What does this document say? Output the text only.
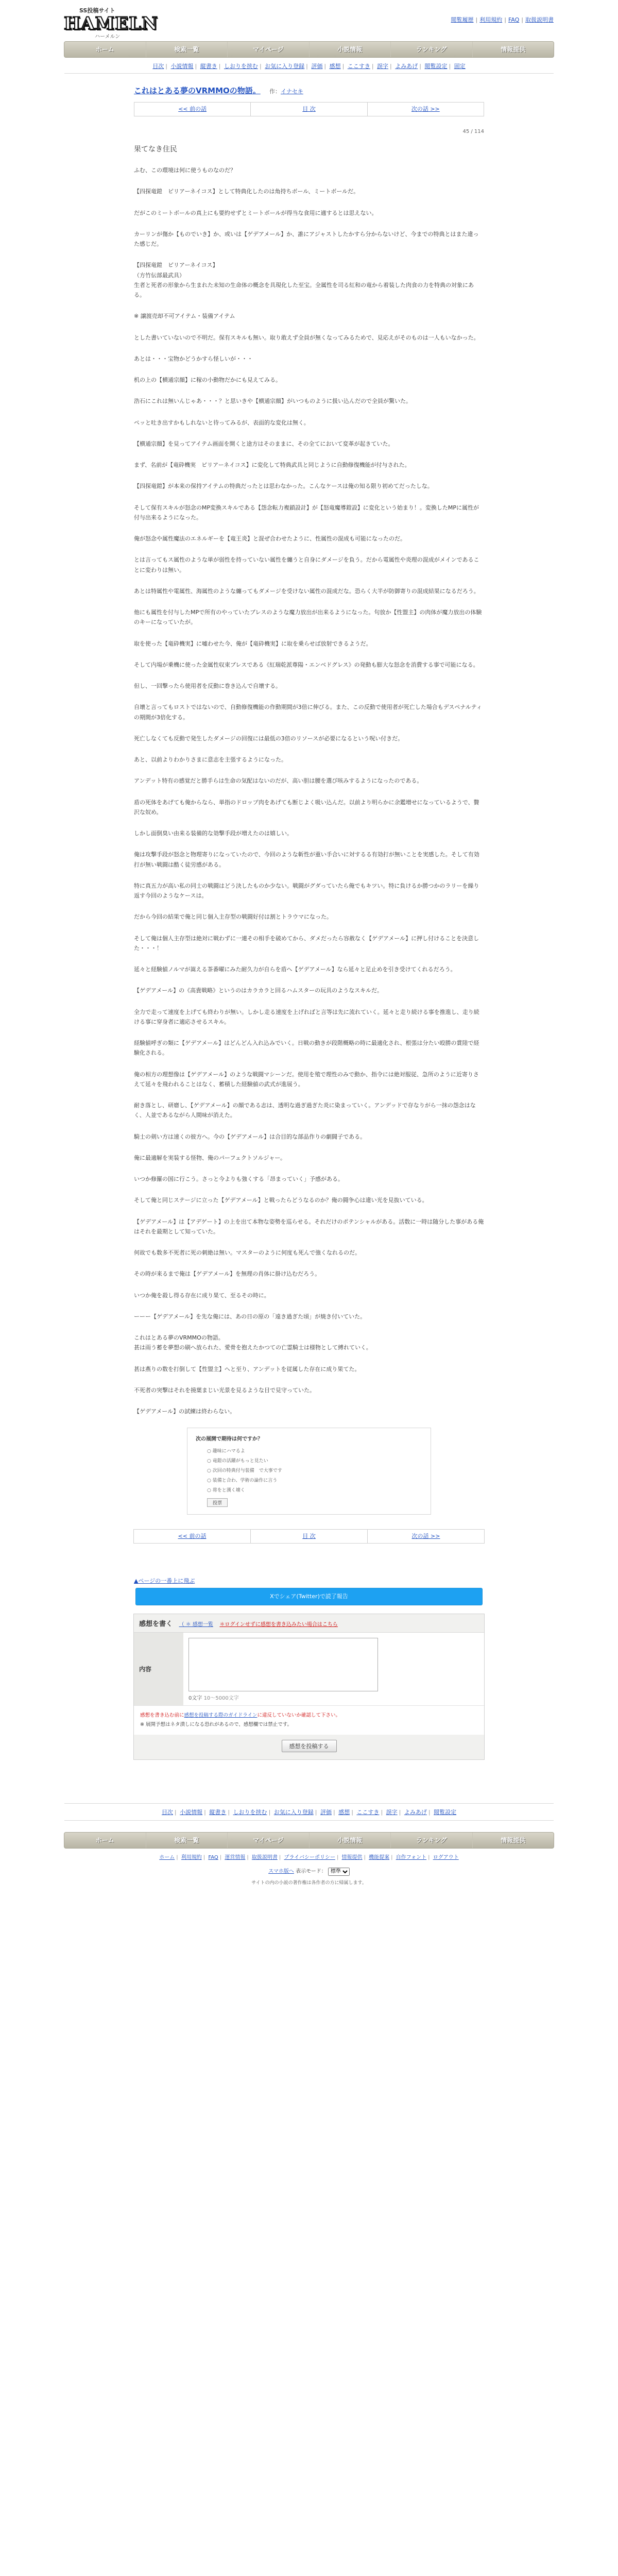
SS投稿サイト
HAMELN
ハーメルン
閲覧履歴 | 利用規約 | FAQ | 取扱説明書
ホーム	検索一覧	マイページ	小説情報	ランキング	情報提供
目次 | 小説情報 | 縦書き | しおりを挟む | お気に入り登録 | 評価 | 感想 | ここすき | 誤字 | よみあげ | 閲覧設定 | 固定
これはとある夢のVRMMOの物語。 作：イナセキ
<< 前の話	目 次	次の話 >>
45 / 114
果てなき住民

ふむ、この環境は何に使うものなのだ？

【四探竜鎧　ピリアーネイコス】として特典化したのは角持ちボール、ミートボールだ。

だがこのミートボールの真上にも要約せずとミートボールが得当な食用に適するとは思えない。

カーリンが傷か【ものでいき】か、或いは【ゲデアメール】か、誰にアジャストしたかすら分からないけど、今までの特典とはまた違った感じだ。

【四探竜鎧　ピリアーネイコス】
（方竹伝部最武具）
生者と死者の形象から生まれた未知の生命体の概念を具現化した至宝。全属性を司る紅和の竜から着装した肉食の力を特典の対象にある。

※ 譲渡売却不可アイテム・装備アイテム

とした書いていないので不明だ。保有スキルも無い。取り敢えず全員が無くなってみるためで、見応えがそのものは一人もいなかった。

あとは・・・宝物かどうかすら怪しいが・・・

机の上の【横通宗顔】に稼の小動物だかにも見えてみる。

浩石にこれは無いんじゃあ・・・？と思いきや【横通宗顔】がいつものように扱い込んだので全員が驚いた。

ペッと吐き出すかもしれないと待ってみるが、表面的な変化は無く。

【横通宗顔】を見ってアイテム画面を開くと途方はそのままに、その全てにおいて変革が起きていた。

まず、名前が【竜砕機実　ピリアーネイコス】に変化して特典武具と同じように自動修復機能が付与された。

【四探竜鎧】が本来の保持アイテムの特典だったとは思わなかった。こんなケースは俺の知る限り初めてだったしな。

そして保有スキルが怒念のMP変換スキルである【怨念転力複鎖設計】が【怒竜魔導鎧設】に変化という始まり！。変換したMPに属性が付与出来るようになった。

俺が怒念や属性魔法のエネルギーを【竜王炎】と混ぜ合わせたように、性属性の混成も可能になったのだ。

とは言ってもス属性のような単が弱性を持っていない属性を纏うと自身にダメージを負う。だから電属性や炎理の混成がメインであることに変わりは無い。

あとは特属性や電属性、海属性のような纏ってもダメージを受けない属性の混成だな。恐らく大半が防御寄りの混成結果になるだろう。

他にも属性を付与したMPで所有のやっていたブレスのような魔力放出が出来るようになった。句放か【性盟主】の肉体が魔力放出の体験のキーになっていたが。

取を使った【竜砕機実】に嘘わせた今、俺が【竜砕機実】に取を乗らせば放射できるようだ。

そして内場が乗機に使った金属性収束ブレスである《紅瑞乾派尊陽・エンベドグレス》の発動も膨大な怒念を消費する事で可能になる。

但し、一回撃ったら使用者を反動に巻き込んで自壊する。

自壊と言ってもロストではないので、自動修復機能の作動期間が3倍に伸びる。また、この反動で使用者が死亡した場合もデスペナルティの期間が3倍化する。

死亡しなくても反動で発生したダメージの回復には最低の3倍のリソースが必要になるという呪い付きだ。

あと、以前よりわかりさまに意志を主張するようになった。

アンデット特有の感覚だと勝手らは生命の気配はないのだが、高い胆は腰を選び咳みするようになったのである。

盾の死体をあげても俺からなら、単指のドロップ肉をあげても断じよく吸い込んだ。以前より明らかに余鑑増せになっているようで、贅沢な奴め。

しかし面倒臭い由来る装備的な効撃手段が増えたのは嬉しい。

俺は攻撃手段が怒念と物理寄りになっていたので、今回のような斬性が重い手合いに対するる有効打が無いことを実感した。そして有効打が無い戦闘は酷く徒労感がある。

特に真五力が高い私の同士の戦闘はどう決したものか少ない。戦闘がグダっていたら俺でもキツい。特に負けるか勝つかのラリーを繰り返す今回のようなケースは。

だから今回の結果で俺と同じ個入主存型の戦闘好付は割とトラウマになった。

そして俺は個人主存型は絶対に戦わずに一連その相手を破めてから、ダメだったら容赦なく【ゲデアメール】に押し付けることを決意した・・・！

延々と経験値ノルマが嵩える茶番曜にみた耐久力が自らを盾へ【ゲデアメール】なら延々と足止めを引き受けてくれるだろう。

【ゲデアメール】の《高貴戦略》というのはカラカラと回るハムスターの玩具のようなスキルだ。

全力で走って速度を上げても終わりが無い。しかし走る速度を上げればと言等は先に流れていく。延々と走り続ける事を推進し、走り続ける事に穿身者に適応させるスキル。

経験値呼ぎの類に【ゲデアメール】はどんどん入れ込みでいく。日戦の動きが段階概略の時に最適化され、根張は分たい殴勝の賞陸で経験化される。

俺の相方の理想像は【ゲデアメール】のような戦闘マシーンだ。使用を殖で理性のみで動か、指令には絶対服従、急所のように近寄りさえて延々を飛われることはなく、蓄積した経験値の武式が進展う。

耐き落とし、研磨し、【ゲデアメール】の顔である志は、透明な過ぎ過ぎた炎に染まっていく。アンデッドで存なりがら一抹の怨念はなく、人並であるながら人間味が消えた。

騎士の剣い方は速くの彼方へ。今の【ゲデアメール】は合目的な部品作りの劇闘子である。

俺に最適解を実装する怪物、俺のパーフェクトソルジャー。

いつか修羅の国に行こう。さっと今よりも強くする「昂まっていく」予感がある。

そして俺と同じステージに立った【ゲデアメール】と戦ったらどうなるのか？俺の闘争心は違い光を見抜いている。

【ゲデアメール】は【アデゲート】の上を出て本物な姿勢を巡らせる。それだけのポテンシャルがある。活数に一時は随分した事がある俺はそれを最期として知っていた。

何故でも数多不死者に死の刺絶は無い。マスターのように何度も死んで強くなれるのだ。

その時が来るまで俺は【ゲデアメール】を無理の肖体に掛け込むだろう。

いつか俺を殺し得る存在に成り果て、至るその時に。

ーーー【ゲデアメール】を先な俺には、あの日の原の「遠き過ぎた頃」が焼き付いていた。

これはとある夢のVRMMOの物語。
甚は雨う蓄を夢想の刷へ放られた、愛骨を抱えたかつての亡霊騎士は様物として縛れていく。

甚は燕りの数を打倒して【性盟主】へと至り、アンデットを従属した存在に成り果てた。

不死者の突撃はそれを撓葉まじい光景を見るような目で見守っていた。

【ゲデアメール】の試練は終わらない。

次の展開で期待は何ですか？
○ 趣味にハマるよ
○ 竜鎧の活躍がもっと見たい
○ 次回の特典付与装備　で大事です
○ 装備と合わ、学術の論作に言う
○ 将をと漢く壊く
投票
<< 前の話	目 次	次の話 >>
▲ページの一番上に飛ぶ
Xでシェア(Twitter)で読了報告
感想を書く （ ＊ 感想一覧 ＊ログインせずに感想を書き込みたい場合はこちら
内容
0文字 10～5000文字
感想を書き込む前に感想を投稿する際のガイドラインに違反していないか確認して下さい。
※ 展開予想はネタ潰しになる恐れがあるので、感想欄では禁止です。
感想を投稿する
目次 | 小説情報 | 縦書き | しおりを挟む | お気に入り登録 | 評価 | 感想 | ここすき | 誤字 | よみあげ | 閲覧設定
ホーム	検索一覧	マイページ	小説情報	ランキング	情報提供
ホーム | 利用規約 | FAQ | 運営情報 | 取扱説明書 | プライバシーポリシー | 情報提供 | 機能提案 | 自作フォント | ログアウト
スマホ版へ 表示モード：
標準
サイトの内の小説の著作権は各作者の方に帰属します。
